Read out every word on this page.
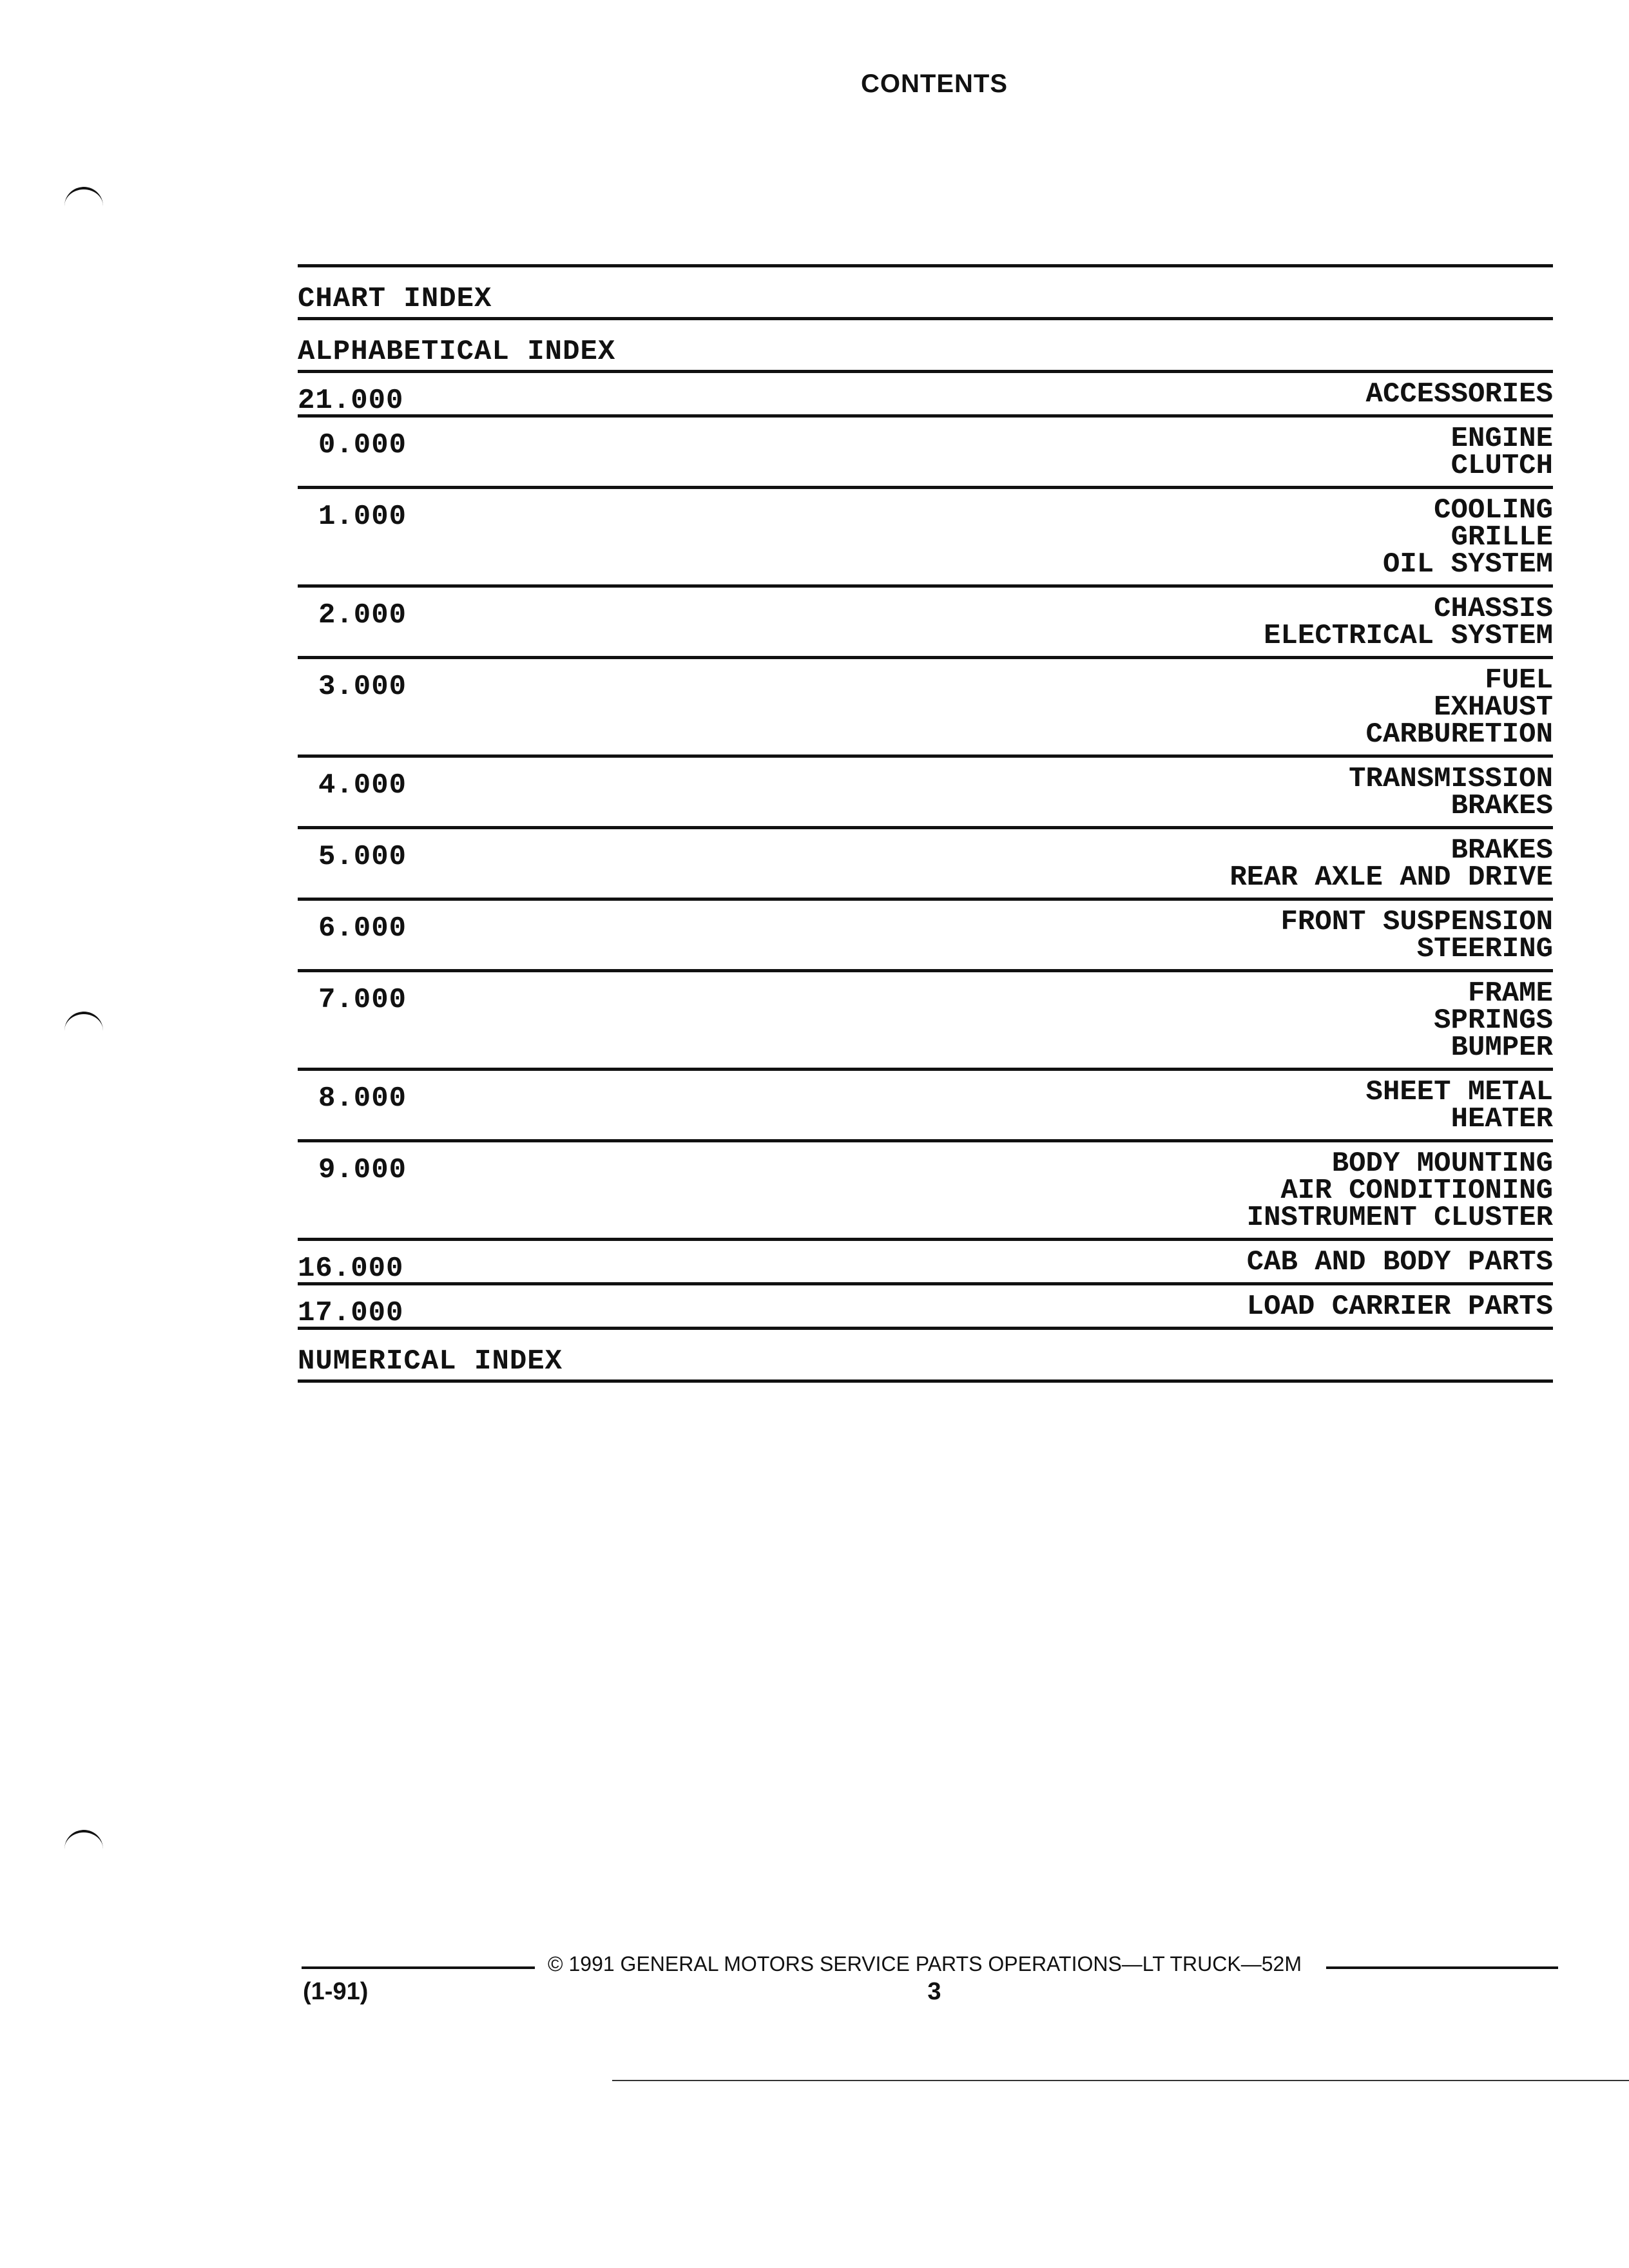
CONTENTS
CHART INDEX
ALPHABETICAL INDEX
21.000	ACCESSORIES
0.000	ENGINE
CLUTCH
1.000	COOLING
GRILLE
OIL SYSTEM
2.000	CHASSIS
ELECTRICAL SYSTEM
3.000	FUEL
EXHAUST
CARBURETION
4.000	TRANSMISSION
BRAKES
5.000	BRAKES
REAR AXLE AND DRIVE
6.000	FRONT SUSPENSION
STEERING
7.000	FRAME
SPRINGS
BUMPER
8.000	SHEET METAL
HEATER
9.000	BODY MOUNTING
AIR CONDITIONING
INSTRUMENT CLUSTER
16.000	CAB AND BODY PARTS
17.000	LOAD CARRIER PARTS
NUMERICAL INDEX
© 1991 GENERAL MOTORS SERVICE PARTS OPERATIONS—LT TRUCK—52M
(1-91)	3
